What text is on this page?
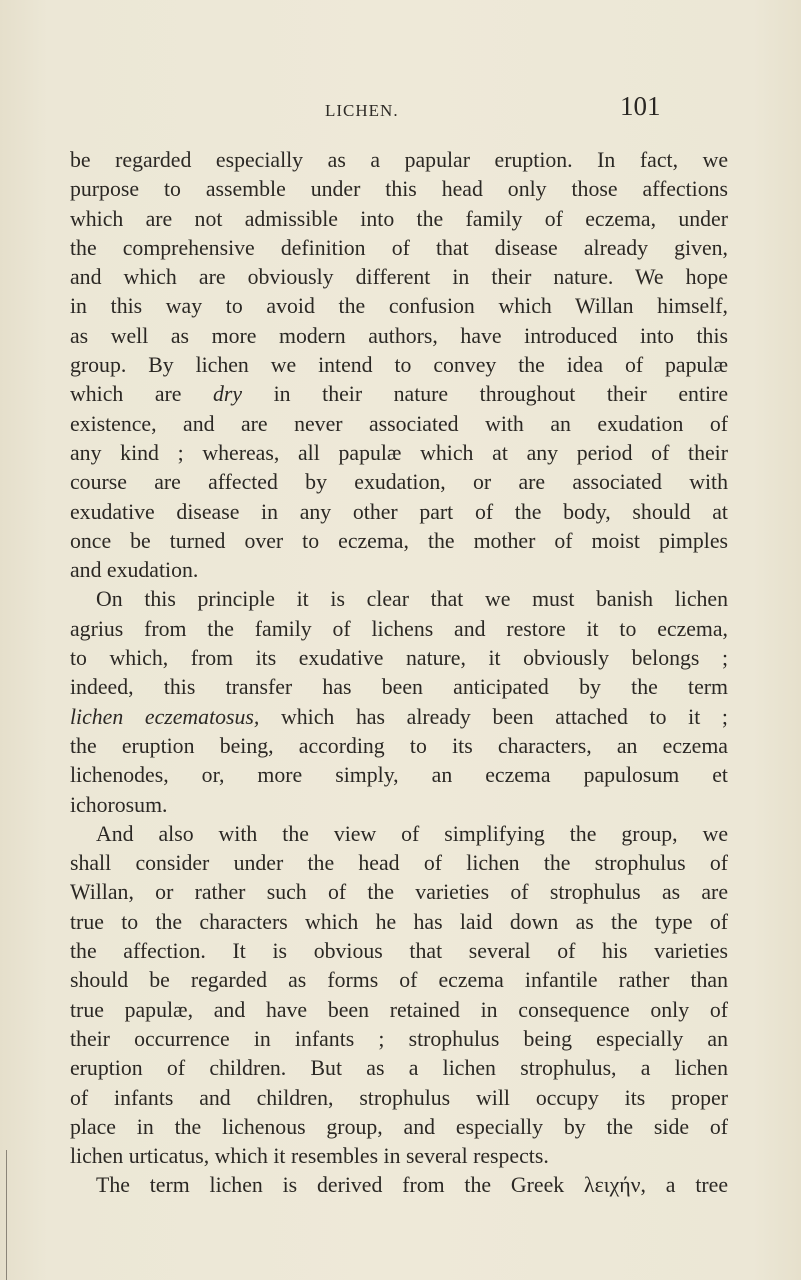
LICHEN.	101
be regarded especially as a papular eruption. In fact, we
purpose to assemble under this head only those affections
which are not admissible into the family of eczema, under
the comprehensive definition of that disease already given,
and which are obviously different in their nature. We hope
in this way to avoid the confusion which Willan himself,
as well as more modern authors, have introduced into this
group. By lichen we intend to convey the idea of papulæ
which are dry in their nature throughout their entire
existence, and are never associated with an exudation of
any kind ; whereas, all papulæ which at any period of their
course are affected by exudation, or are associated with
exudative disease in any other part of the body, should at
once be turned over to eczema, the mother of moist pimples
and exudation.
On this principle it is clear that we must banish lichen
agrius from the family of lichens and restore it to eczema,
to which, from its exudative nature, it obviously belongs ;
indeed, this transfer has been anticipated by the term
lichen eczematosus, which has already been attached to it ;
the eruption being, according to its characters, an eczema
lichenodes, or, more simply, an eczema papulosum et
ichorosum.
And also with the view of simplifying the group, we
shall consider under the head of lichen the strophulus of
Willan, or rather such of the varieties of strophulus as are
true to the characters which he has laid down as the type of
the affection. It is obvious that several of his varieties
should be regarded as forms of eczema infantile rather than
true papulæ, and have been retained in consequence only of
their occurrence in infants ; strophulus being especially an
eruption of children. But as a lichen strophulus, a lichen
of infants and children, strophulus will occupy its proper
place in the lichenous group, and especially by the side of
lichen urticatus, which it resembles in several respects.
The term lichen is derived from the Greek λειχήν, a tree
